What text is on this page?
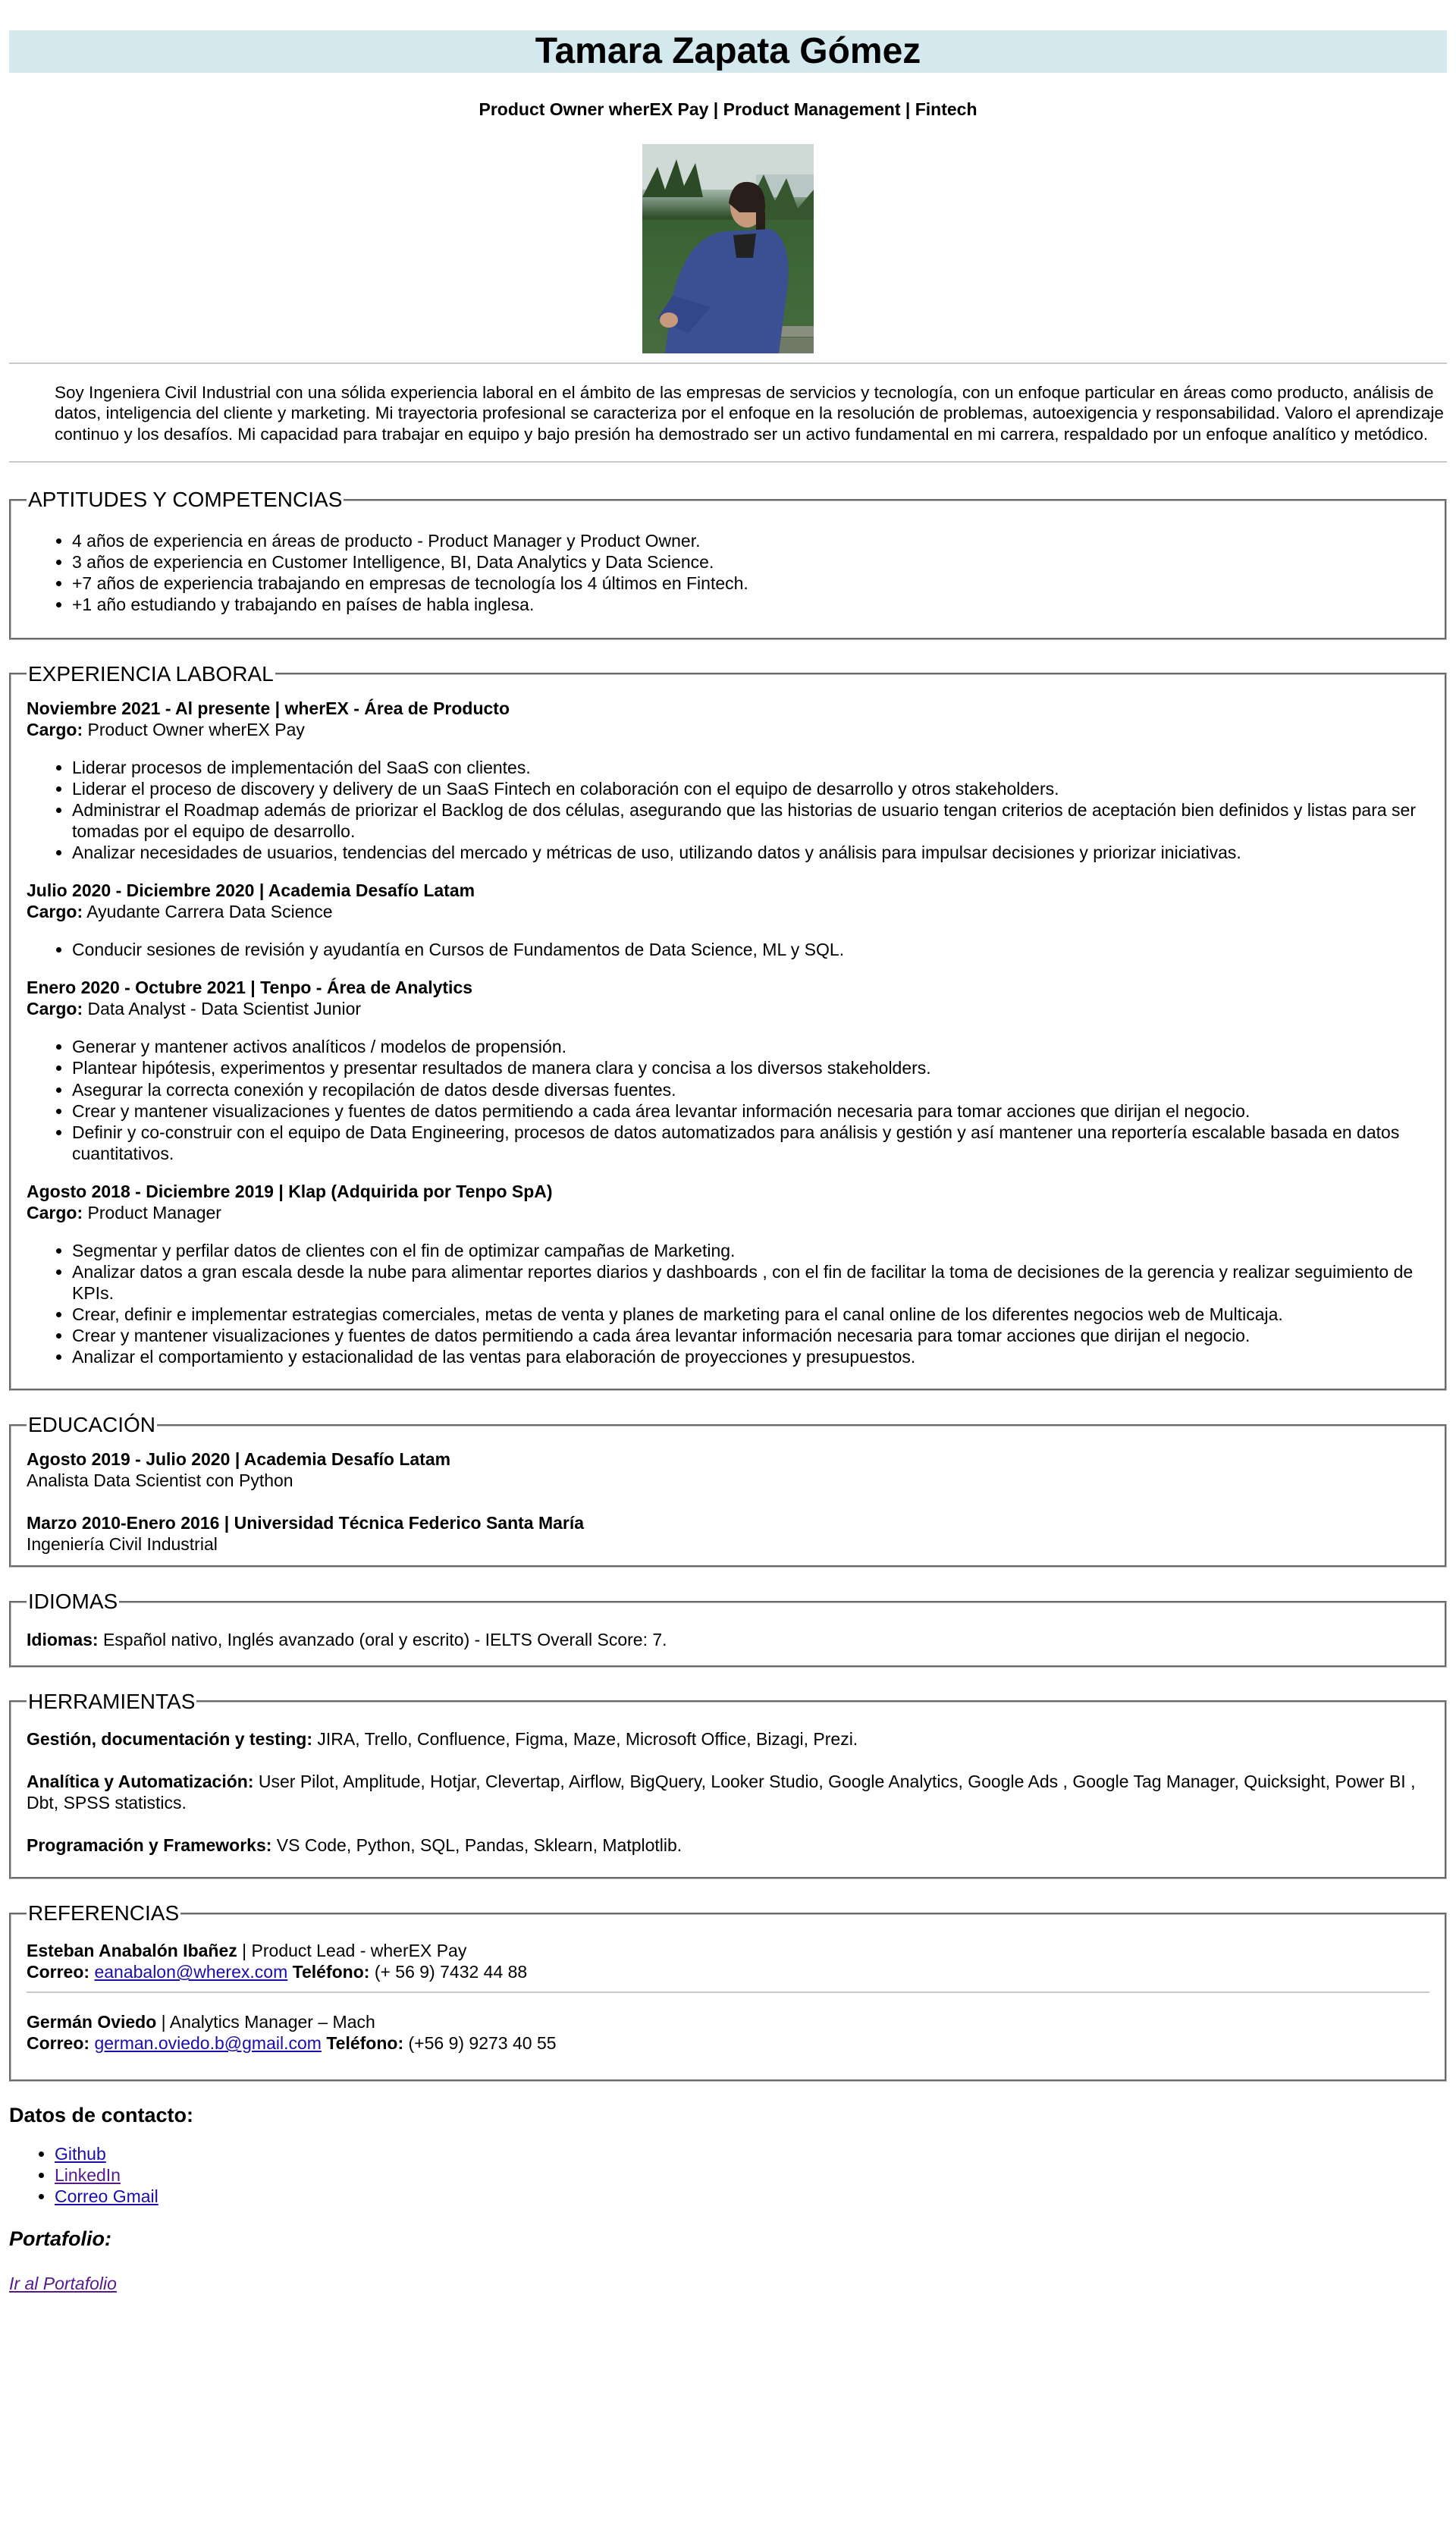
Tamara Zapata Gómez
Product Owner wherEX Pay | Product Management | Fintech
Soy Ingeniera Civil Industrial con una sólida experiencia laboral en el ámbito de las empresas de servicios y tecnología, con un enfoque particular en áreas como producto, análisis de datos, inteligencia del cliente y marketing. Mi trayectoria profesional se caracteriza por el enfoque en la resolución de problemas, autoexigencia y responsabilidad. Valoro el aprendizaje continuo y los desafíos. Mi capacidad para trabajar en equipo y bajo presión ha demostrado ser un activo fundamental en mi carrera, respaldado por un enfoque analítico y metódico.
APTITUDES Y COMPETENCIAS
• 4 años de experiencia en áreas de producto - Product Manager y Product Owner.
• 3 años de experiencia en Customer Intelligence, BI, Data Analytics y Data Science.
• +7 años de experiencia trabajando en empresas de tecnología los 4 últimos en Fintech.
• +1 año estudiando y trabajando en países de habla inglesa.
EXPERIENCIA LABORAL
Noviembre 2021 - Al presente | wherEX - Área de Producto
Cargo: Product Owner wherEX Pay
• Liderar procesos de implementación del SaaS con clientes.
• Liderar el proceso de discovery y delivery de un SaaS Fintech en colaboración con el equipo de desarrollo y otros stakeholders.
• Administrar el Roadmap además de priorizar el Backlog de dos células, asegurando que las historias de usuario tengan criterios de aceptación bien definidos y listas para ser tomadas por el equipo de desarrollo.
• Analizar necesidades de usuarios, tendencias del mercado y métricas de uso, utilizando datos y análisis para impulsar decisiones y priorizar iniciativas.
Julio 2020 - Diciembre 2020 | Academia Desafío Latam
Cargo: Ayudante Carrera Data Science
• Conducir sesiones de revisión y ayudantía en Cursos de Fundamentos de Data Science, ML y SQL.
Enero 2020 - Octubre 2021 | Tenpo - Área de Analytics
Cargo: Data Analyst - Data Scientist Junior
• Generar y mantener activos analíticos / modelos de propensión.
• Plantear hipótesis, experimentos y presentar resultados de manera clara y concisa a los diversos stakeholders.
• Asegurar la correcta conexión y recopilación de datos desde diversas fuentes.
• Crear y mantener visualizaciones y fuentes de datos permitiendo a cada área levantar información necesaria para tomar acciones que dirijan el negocio.
• Definir y co-construir con el equipo de Data Engineering, procesos de datos automatizados para análisis y gestión y así mantener una reportería escalable basada en datos cuantitativos.
Agosto 2018 - Diciembre 2019 | Klap (Adquirida por Tenpo SpA)
Cargo: Product Manager
• Segmentar y perfilar datos de clientes con el fin de optimizar campañas de Marketing.
• Analizar datos a gran escala desde la nube para alimentar reportes diarios y dashboards , con el fin de facilitar la toma de decisiones de la gerencia y realizar seguimiento de KPIs.
• Crear, definir e implementar estrategias comerciales, metas de venta y planes de marketing para el canal online de los diferentes negocios web de Multicaja.
• Crear y mantener visualizaciones y fuentes de datos permitiendo a cada área levantar información necesaria para tomar acciones que dirijan el negocio.
• Analizar el comportamiento y estacionalidad de las ventas para elaboración de proyecciones y presupuestos.
EDUCACIÓN
Agosto 2019 - Julio 2020 | Academia Desafío Latam
Analista Data Scientist con Python
Marzo 2010-Enero 2016 | Universidad Técnica Federico Santa María
Ingeniería Civil Industrial
IDIOMAS
Idiomas: Español nativo, Inglés avanzado (oral y escrito) - IELTS Overall Score: 7.
HERRAMIENTAS
Gestión, documentación y testing: JIRA, Trello, Confluence, Figma, Maze, Microsoft Office, Bizagi, Prezi.
Analítica y Automatización: User Pilot, Amplitude, Hotjar, Clevertap, Airflow, BigQuery, Looker Studio, Google Analytics, Google Ads , Google Tag Manager, Quicksight, Power BI , Dbt, SPSS statistics.
Programación y Frameworks: VS Code, Python, SQL, Pandas, Sklearn, Matplotlib.
REFERENCIAS
Esteban Anabalón Ibañez | Product Lead - wherEX Pay
Correo: eanabalon@wherex.com Teléfono: (+ 56 9) 7432 44 88
Germán Oviedo | Analytics Manager – Mach
Correo: german.oviedo.b@gmail.com Teléfono: (+56 9) 9273 40 55
Datos de contacto:
• Github
• LinkedIn
• Correo Gmail
Portafolio:
Ir al Portafolio
